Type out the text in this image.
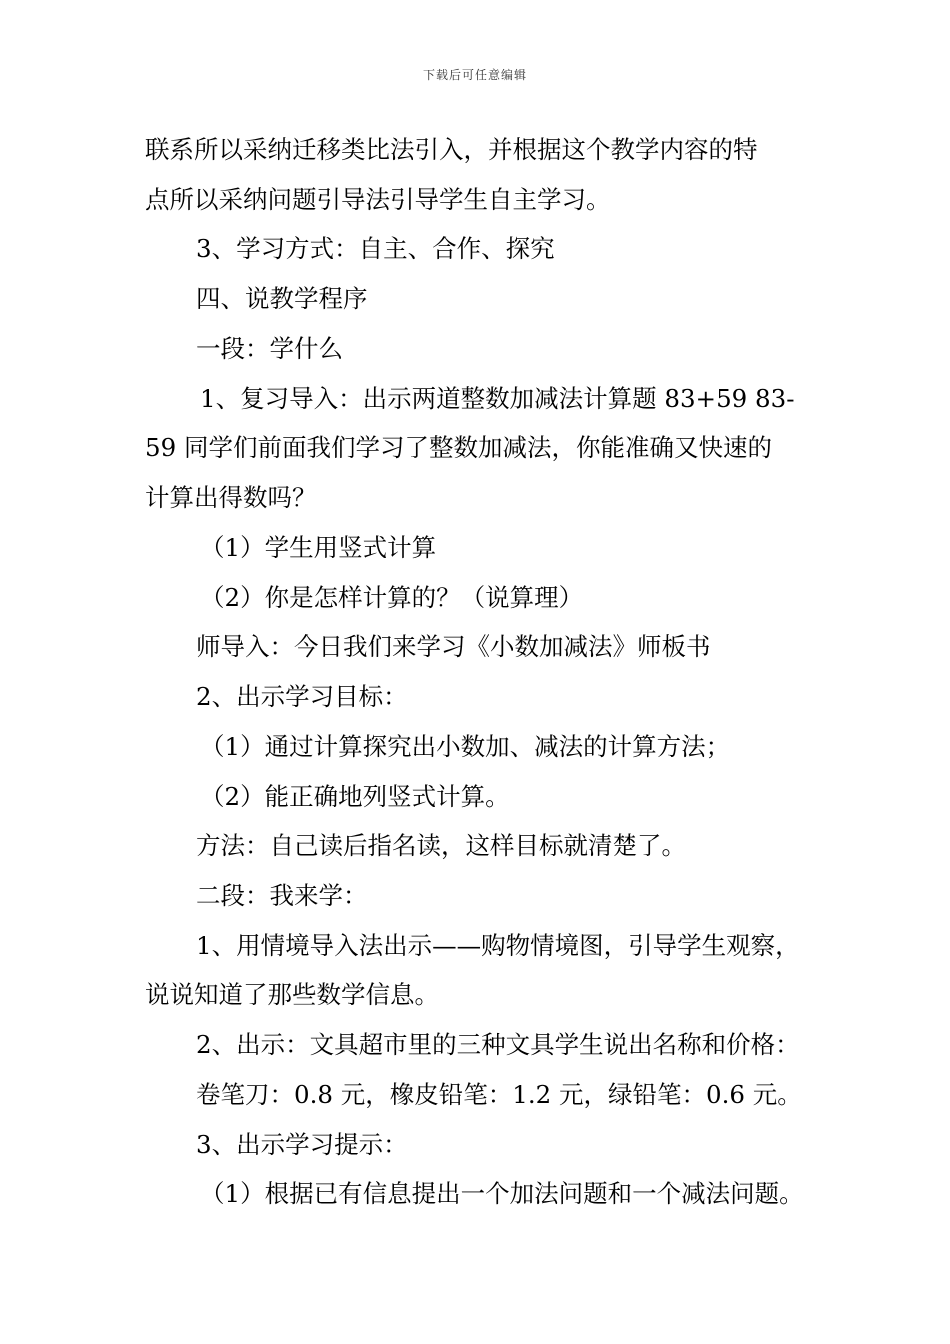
下载后可任意编辑
联系所以采纳迁移类比法引入，并根据这个教学内容的特
点所以采纳问题引导法引导学生自主学习。
3、学习方式：自主、合作、探究
四、说教学程序
一段：学什么
1、复习导入：出示两道整数加减法计算题 83+59 83-
59 同学们前面我们学习了整数加减法，你能准确又快速的
计算出得数吗？
（1）学生用竖式计算
（2）你是怎样计算的？（说算理）
师导入：今日我们来学习《小数加减法》师板书
2、出示学习目标：
（1）通过计算探究出小数加、减法的计算方法；
（2）能正确地列竖式计算。
方法：自己读后指名读，这样目标就清楚了。
二段：我来学：
1、用情境导入法出示——购物情境图，引导学生观察，
说说知道了那些数学信息。
2、出示：文具超市里的三种文具学生说出名称和价格：
卷笔刀：0.8 元，橡皮铅笔：1.2 元，绿铅笔：0.6 元。
3、出示学习提示：
（1）根据已有信息提出一个加法问题和一个减法问题。
